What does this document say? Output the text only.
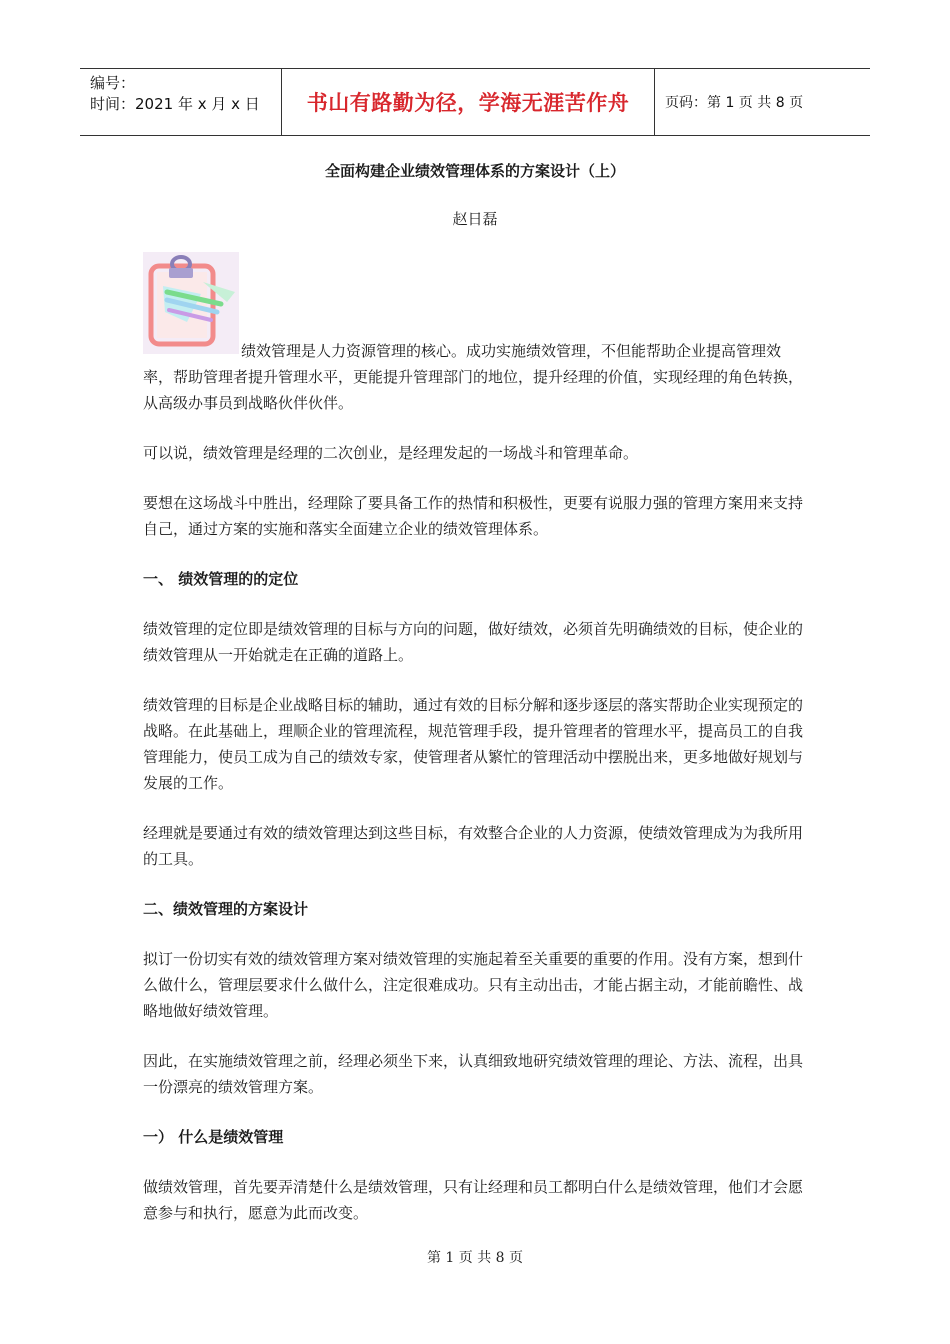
编号：
时间：2021 年 x 月 x 日	书山有路勤为径，学海无涯苦作舟	页码：第 1 页 共 8 页
全面构建企业绩效管理体系的方案设计（上）
赵日磊

绩效管理是人力资源管理的核心。成功实施绩效管理，不但能帮助企业提高管理效率，帮助管理者提升管理水平，更能提升管理部门的地位，提升经理的价值，实现经理的角色转换，从高级办事员到战略伙伴伙伴。

可以说，绩效管理是经理的二次创业，是经理发起的一场战斗和管理革命。

要想在这场战斗中胜出，经理除了要具备工作的热情和积极性，更要有说服力强的管理方案用来支持自己，通过方案的实施和落实全面建立企业的绩效管理体系。

一、 绩效管理的的定位

绩效管理的定位即是绩效管理的目标与方向的问题，做好绩效，必须首先明确绩效的目标，使企业的绩效管理从一开始就走在正确的道路上。

绩效管理的目标是企业战略目标的辅助，通过有效的目标分解和逐步逐层的落实帮助企业实现预定的战略。在此基础上，理顺企业的管理流程，规范管理手段，提升管理者的管理水平，提高员工的自我管理能力，使员工成为自己的绩效专家，使管理者从繁忙的管理活动中摆脱出来，更多地做好规划与发展的工作。

经理就是要通过有效的绩效管理达到这些目标，有效整合企业的人力资源，使绩效管理成为为我所用的工具。

二、绩效管理的方案设计

拟订一份切实有效的绩效管理方案对绩效管理的实施起着至关重要的重要的作用。没有方案，想到什么做什么，管理层要求什么做什么，注定很难成功。只有主动出击，才能占据主动，才能前瞻性、战略地做好绩效管理。

因此，在实施绩效管理之前，经理必须坐下来，认真细致地研究绩效管理的理论、方法、流程，出具一份漂亮的绩效管理方案。

一） 什么是绩效管理

做绩效管理，首先要弄清楚什么是绩效管理，只有让经理和员工都明白什么是绩效管理，他们才会愿意参与和执行，愿意为此而改变。

第 1 页 共 8 页
